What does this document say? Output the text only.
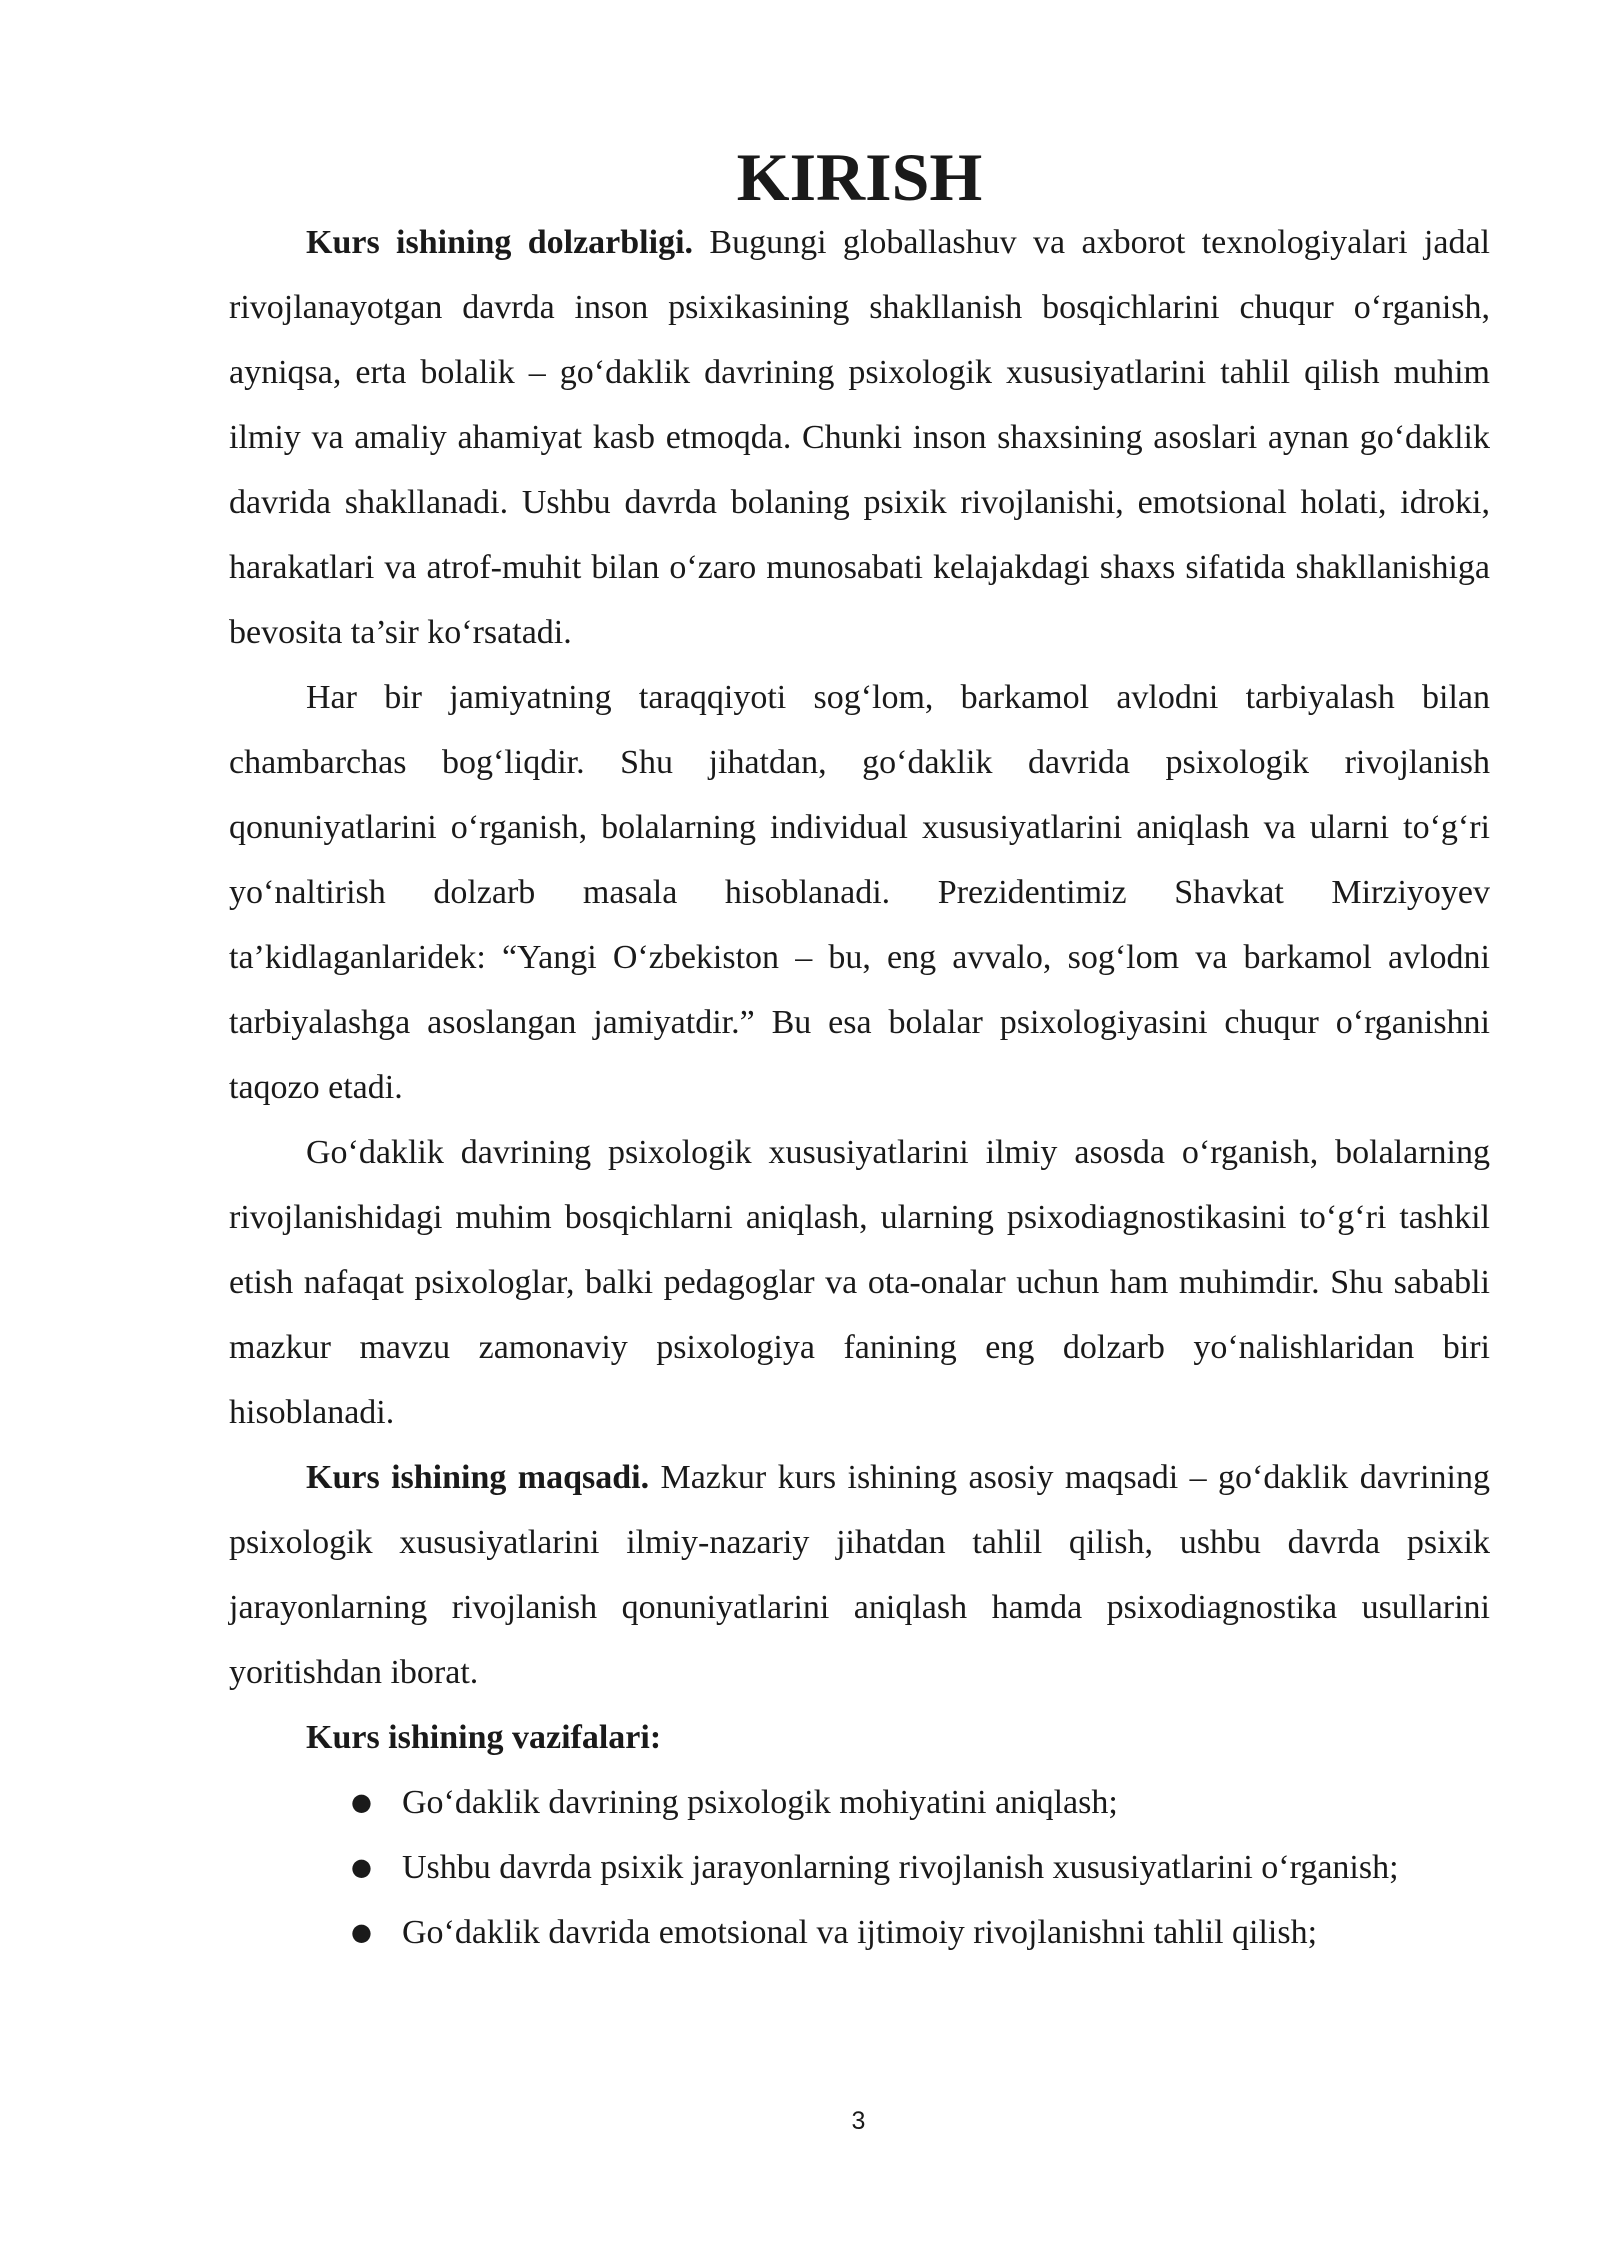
KIRISH

Kurs ishining dolzarbligi. Bugungi globallashuv va axborot texnologiyalari jadal rivojlanayotgan davrda inson psixikasining shakllanish bosqichlarini chuqur o‘rganish, ayniqsa, erta bolalik – go‘daklik davrining psixologik xususiyatlarini tahlil qilish muhim ilmiy va amaliy ahamiyat kasb etmoqda. Chunki inson shaxsining asoslari aynan go‘daklik davrida shakllanadi. Ushbu davrda bolaning psixik rivojlanishi, emotsional holati, idroki, harakatlari va atrof-muhit bilan o‘zaro munosabati kelajakdagi shaxs sifatida shakllanishiga bevosita ta’sir ko‘rsatadi.

Har bir jamiyatning taraqqiyoti sog‘lom, barkamol avlodni tarbiyalash bilan chambarchas bog‘liqdir. Shu jihatdan, go‘daklik davrida psixologik rivojlanish qonuniyatlarini o‘rganish, bolalarning individual xususiyatlarini aniqlash va ularni to‘g‘ri yo‘naltirish dolzarb masala hisoblanadi. Prezidentimiz Shavkat Mirziyoyev ta’kidlaganlaridek: “Yangi O‘zbekiston – bu, eng avvalo, sog‘lom va barkamol avlodni tarbiyalashga asoslangan jamiyatdir.” Bu esa bolalar psixologiyasini chuqur o‘rganishni taqozo etadi.

Go‘daklik davrining psixologik xususiyatlarini ilmiy asosda o‘rganish, bolalarning rivojlanishidagi muhim bosqichlarni aniqlash, ularning psixodiagnostikasini to‘g‘ri tashkil etish nafaqat psixologlar, balki pedagoglar va ota-onalar uchun ham muhimdir. Shu sababli mazkur mavzu zamonaviy psixologiya fanining eng dolzarb yo‘nalishlaridan biri hisoblanadi.

Kurs ishining maqsadi. Mazkur kurs ishining asosiy maqsadi – go‘daklik davrining psixologik xususiyatlarini ilmiy-nazariy jihatdan tahlil qilish, ushbu davrda psixik jarayonlarning rivojlanish qonuniyatlarini aniqlash hamda psixodiagnostika usullarini yoritishdan iborat.

Kurs ishining vazifalari:

● Go‘daklik davrining psixologik mohiyatini aniqlash;
● Ushbu davrda psixik jarayonlarning rivojlanish xususiyatlarini o‘rganish;
● Go‘daklik davrida emotsional va ijtimoiy rivojlanishni tahlil qilish;
3
